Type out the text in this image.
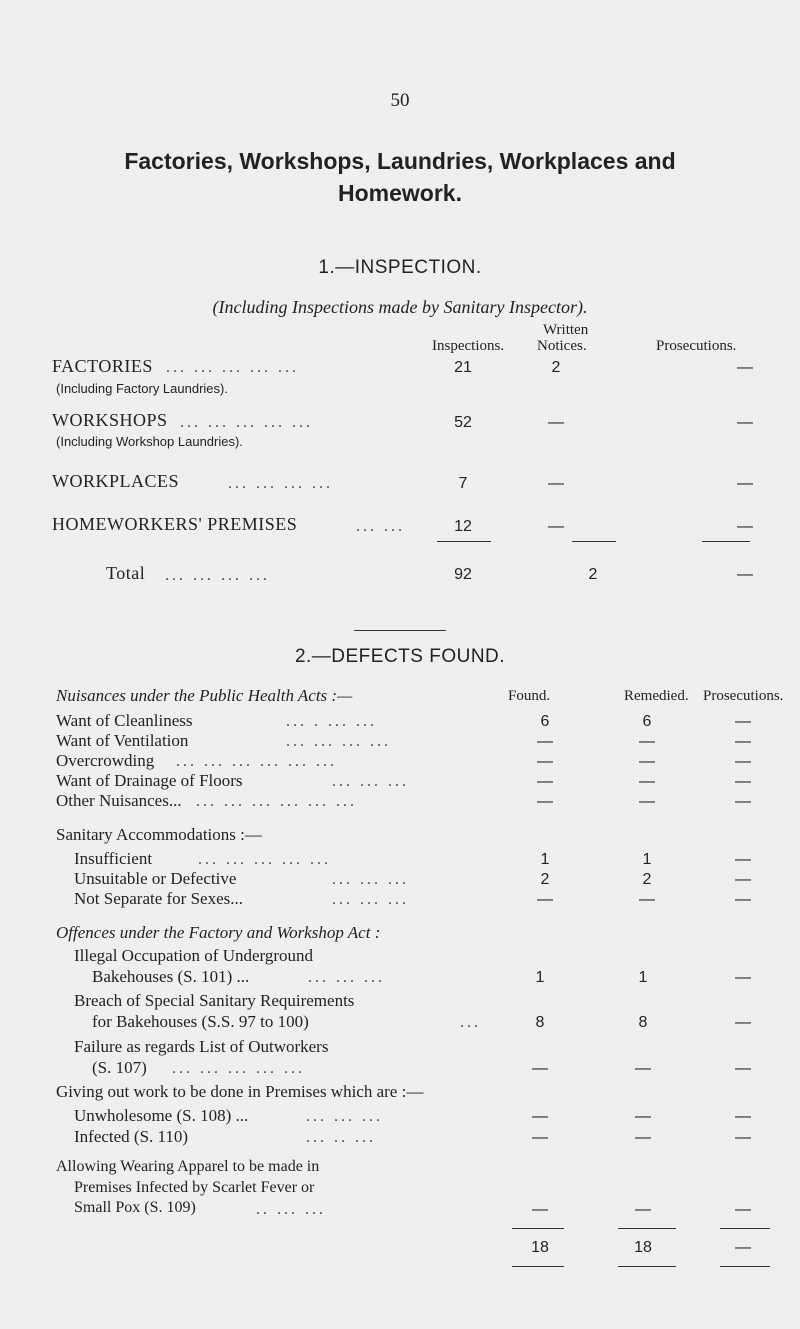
50
Factories, Workshops, Laundries, Workplaces and
Homework.
1.—INSPECTION.
(Including Inspections made by Sanitary Inspector).
Written
Inspections. Notices.	Prosecutions.
FACTORIES ... ... ... ... ...
(Including Factory Laundries).
21	2	—
WORKSHOPS ... ... ... ... ...
(Including Workshop Laundries).
52	—	—
WORKPLACES	... ... ... ...	7	—	—
HOMEWORKERS' PREMISES	... ...	12	—	—
Total ... ... ... ...	92	2	—
2.—DEFECTS FOUND.
Nuisances under the Public Health Acts :—	Found.	Remedied. Prosecutions.
Want of Cleanliness	... . ... ...	6	6	—
Want of Ventilation	... ... ... ...	—	—	—
Overcrowding ... ... ... ... ... ...	—	—	—
Want of Drainage of Floors	... ... ...	—	—	—
Other Nuisances... ... ... ... ... ... ...	—	—	—
Sanitary Accommodations :—
Insufficient	... ... ... ... ...	1	1	—
Unsuitable or Defective	... ... ...	2	2	—
Not Separate for Sexes...	... ... ...	—	—	—
Offences under the Factory and Workshop Act :
Illegal Occupation of Underground
Bakehouses (S. 101) ...	... ... ...	1	1	—
Breach of Special Sanitary Requirements
for Bakehouses (S.S. 97 to 100)	...	8	8	—
Failure as regards List of Outworkers
(S. 107) ... ... ... ... ...	—	—	—
Giving out work to be done in Premises which are :—
Unwholesome (S. 108) ...	... ... ...	—	—	—
Infected (S. 110)	... .. ...	—	—	—
Allowing Wearing Apparel to be made in
Premises Infected by Scarlet Fever or
Small Pox (S. 109)	.. ... ...	—	—	—
18	18	—
